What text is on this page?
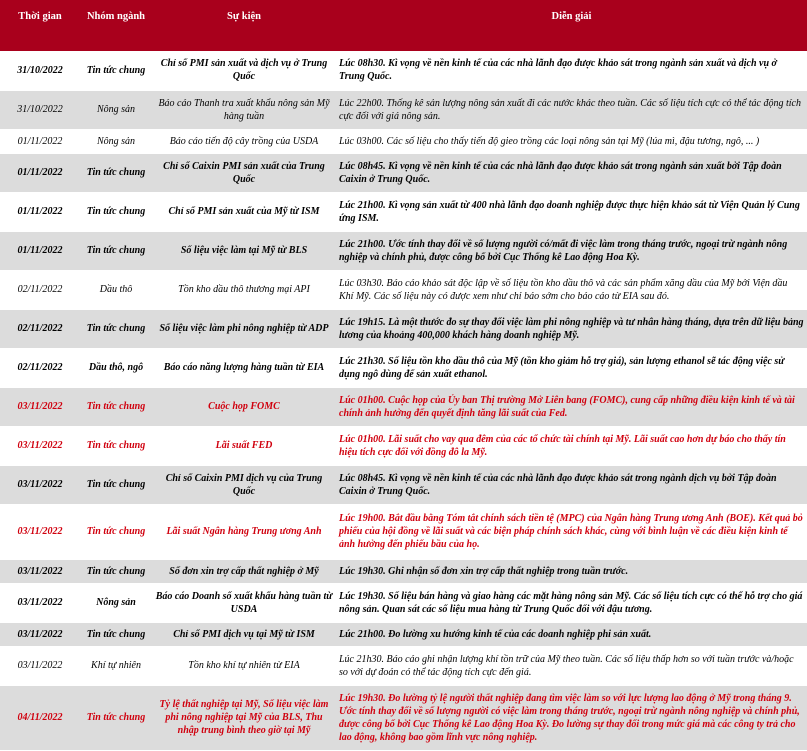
Thời gian	Nhóm ngành	Sự kiện	Diễn giải
31/10/2022	Tin tức chung	Chỉ số PMI sản xuất và dịch vụ ở Trung Quốc	Lúc 08h30. Kì vọng về nền kinh tế của các nhà lãnh đạo được khảo sát trong ngành sản xuất và dịch vụ ở Trung Quốc.
31/10/2022	Nông sản	Báo cáo Thanh tra xuất khẩu nông sản Mỹ hàng tuần	Lúc 22h00. Thống kê sản lượng nông sản xuất đi các nước khác theo tuần. Các số liệu tích cực có thể tác động tích cực đối với giá nông sản.
01/11/2022	Nông sản	Báo cáo tiến độ cây trồng của USDA	Lúc 03h00. Các số liệu cho thấy tiến độ gieo trồng các loại nông sản tại Mỹ (lúa mì, đậu tương, ngô, ... )
01/11/2022	Tin tức chung	Chỉ số Caixin PMI sản xuất của Trung Quốc	Lúc 08h45. Kì vọng về nền kinh tế của các nhà lãnh đạo được khảo sát trong ngành sản xuất bởi Tập đoàn Caixin ở Trung Quốc.
01/11/2022	Tin tức chung	Chỉ số PMI sản xuất của Mỹ từ ISM	Lúc 21h00. Kì vọng sản xuất từ 400 nhà lãnh đạo doanh nghiệp được thực hiện khảo sát từ Viện Quản lý Cung ứng ISM.
01/11/2022	Tin tức chung	Số liệu việc làm tại Mỹ từ BLS	Lúc 21h00. Ước tính thay đổi về số lượng người có/mất đi việc làm trong tháng trước, ngoại trừ ngành nông nghiệp và chính phủ, được công bố bởi Cục Thống kê Lao động Hoa Kỳ.
02/11/2022	Dầu thô	Tồn kho dầu thô thương mại API	Lúc 03h30. Báo cáo khảo sát độc lập về số liệu tồn kho dầu thô và các sản phẩm xăng dầu của Mỹ bởi Viện dầu Khí Mỹ. Các số liệu này có được xem như chỉ báo sớm cho báo cáo từ EIA sau đó.
02/11/2022	Tin tức chung	Số liệu việc làm phi nông nghiệp từ ADP	Lúc 19h15. Là một thước đo sự thay đổi việc làm phi nông nghiệp và tư nhân hàng tháng, dựa trên dữ liệu bảng lương của khoảng 400,000 khách hàng doanh nghiệp Mỹ.
02/11/2022	Dầu thô, ngô	Báo cáo năng lượng hàng tuần từ EIA	Lúc 21h30. Số liệu tồn kho dầu thô của Mỹ (tồn kho giảm hỗ trợ giá), sản lượng ethanol sẽ tác động việc sử dụng ngô dùng để sản xuất ethanol.
03/11/2022	Tin tức chung	Cuộc họp FOMC	Lúc 01h00. Cuộc họp của Ủy ban Thị trường Mở Liên bang (FOMC), cung cấp những điều kiện kinh tế và tài chính ảnh hưởng đến quyết định tăng lãi suất của Fed.
03/11/2022	Tin tức chung	Lãi suất FED	Lúc 01h00. Lãi suất cho vay qua đêm của các tổ chức tài chính tại Mỹ. Lãi suất cao hơn dự báo cho thấy tín hiệu tích cực đối với đồng đô la Mỹ.
03/11/2022	Tin tức chung	Chỉ số Caixin PMI dịch vụ của Trung Quốc	Lúc 08h45. Kì vọng về nền kinh tế của các nhà lãnh đạo được khảo sát trong ngành dịch vụ bởi Tập đoàn Caixin ở Trung Quốc.
03/11/2022	Tin tức chung	Lãi suất Ngân hàng Trung ương Anh	Lúc 19h00. Bắt đầu bằng Tóm tắt chính sách tiền tệ (MPC) của Ngân hàng Trung ương Anh (BOE). Kết quả bỏ phiếu của hội đồng về lãi suất và các biện pháp chính sách khác, cùng với bình luận về các điều kiện kinh tế ảnh hưởng đến phiếu bầu của họ.
03/11/2022	Tin tức chung	Số đơn xin trợ cấp thất nghiệp ở Mỹ	Lúc 19h30. Ghi nhận số đơn xin trợ cấp thất nghiệp trong tuần trước.
03/11/2022	Nông sản	Báo cáo Doanh số xuất khẩu hàng tuần từ USDA	Lúc 19h30. Số liệu bán hàng và giao hàng các mặt hàng nông sản Mỹ. Các số liệu tích cực có thể hỗ trợ cho giá nông sản. Quan sát các số liệu mua hàng từ Trung Quốc đối với đậu tương.
03/11/2022	Tin tức chung	Chỉ số PMI dịch vụ tại Mỹ từ ISM	Lúc 21h00. Đo lường xu hướng kinh tế của các doanh nghiệp phi sản xuất.
03/11/2022	Khí tự nhiên	Tồn kho khí tự nhiên từ EIA	Lúc 21h30. Báo cáo ghi nhận lượng khí tồn trữ của Mỹ theo tuần. Các số liệu thấp hơn so với tuần trước và/hoặc so với dự đoán có thể tác động tích cực đến giá.
04/11/2022	Tin tức chung	Tỷ lệ thất nghiệp tại Mỹ, Số liệu việc làm phi nông nghiệp tại Mỹ của BLS, Thu nhập trung bình theo giờ tại Mỹ	Lúc 19h30. Đo lường tỷ lệ người thất nghiệp đang tìm việc làm so với lực lượng lao động ở Mỹ trong tháng 9. Ước tính thay đổi về số lượng người có việc làm trong tháng trước, ngoại trừ ngành nông nghiệp và chính phủ, được công bố bởi Cục Thống kê Lao động Hoa Kỳ. Đo lường sự thay đổi trong mức giá mà các công ty trả cho lao động, không bao gồm lĩnh vực nông nghiệp.
